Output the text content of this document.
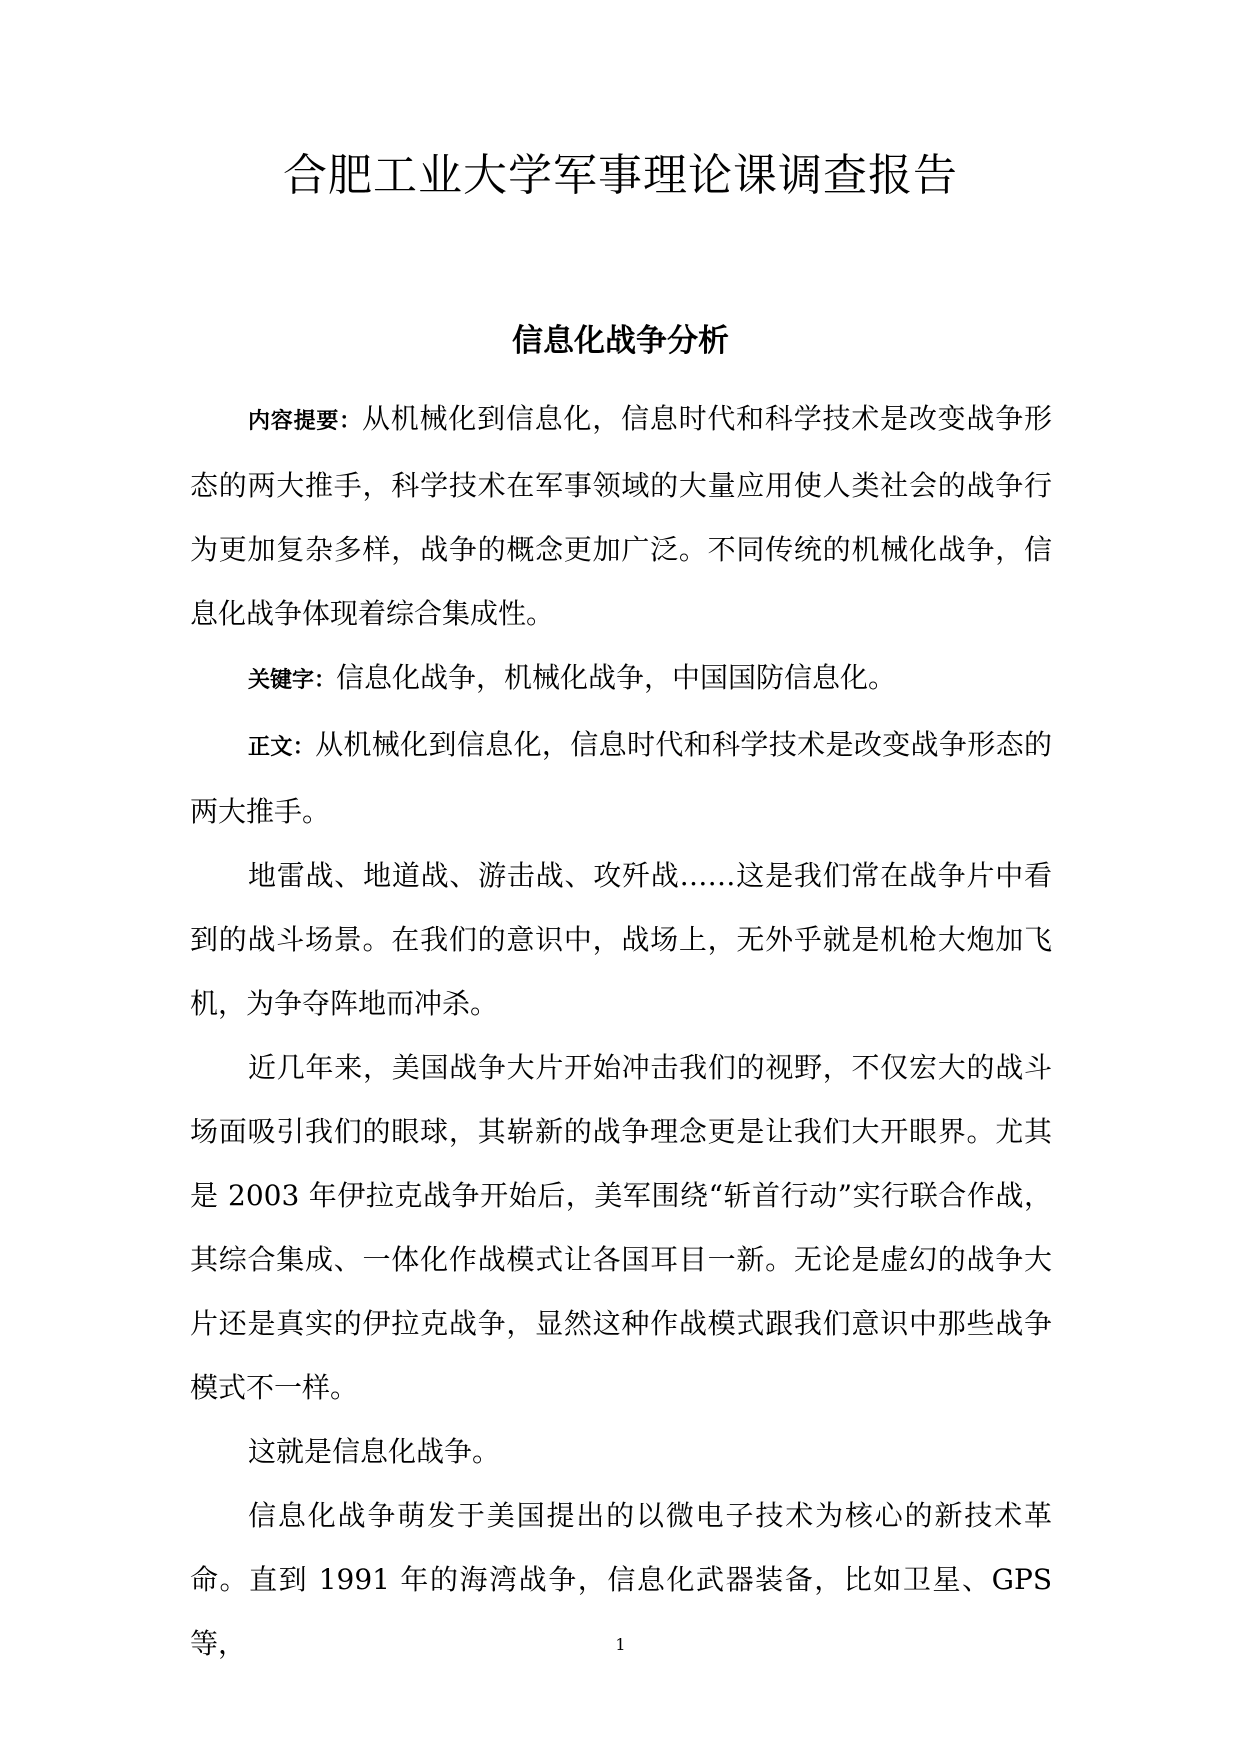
合肥工业大学军事理论课调查报告
信息化战争分析

内容提要：从机械化到信息化，信息时代和科学技术是改变战争形态的两大推手，科学技术在军事领域的大量应用使人类社会的战争行为更加复杂多样，战争的概念更加广泛。不同传统的机械化战争，信息化战争体现着综合集成性。

关键字：信息化战争，机械化战争，中国国防信息化。

正文：从机械化到信息化，信息时代和科学技术是改变战争形态的两大推手。

地雷战、地道战、游击战、攻歼战……这是我们常在战争片中看到的战斗场景。在我们的意识中，战场上，无外乎就是机枪大炮加飞机，为争夺阵地而冲杀。

近几年来，美国战争大片开始冲击我们的视野，不仅宏大的战斗场面吸引我们的眼球，其崭新的战争理念更是让我们大开眼界。尤其是 2003 年伊拉克战争开始后，美军围绕“斩首行动”实行联合作战，其综合集成、一体化作战模式让各国耳目一新。无论是虚幻的战争大片还是真实的伊拉克战争，显然这种作战模式跟我们意识中那些战争模式不一样。

这就是信息化战争。

信息化战争萌发于美国提出的以微电子技术为核心的新技术革命。直到 1991 年的海湾战争，信息化武器装备，比如卫星、GPS 等，	1
